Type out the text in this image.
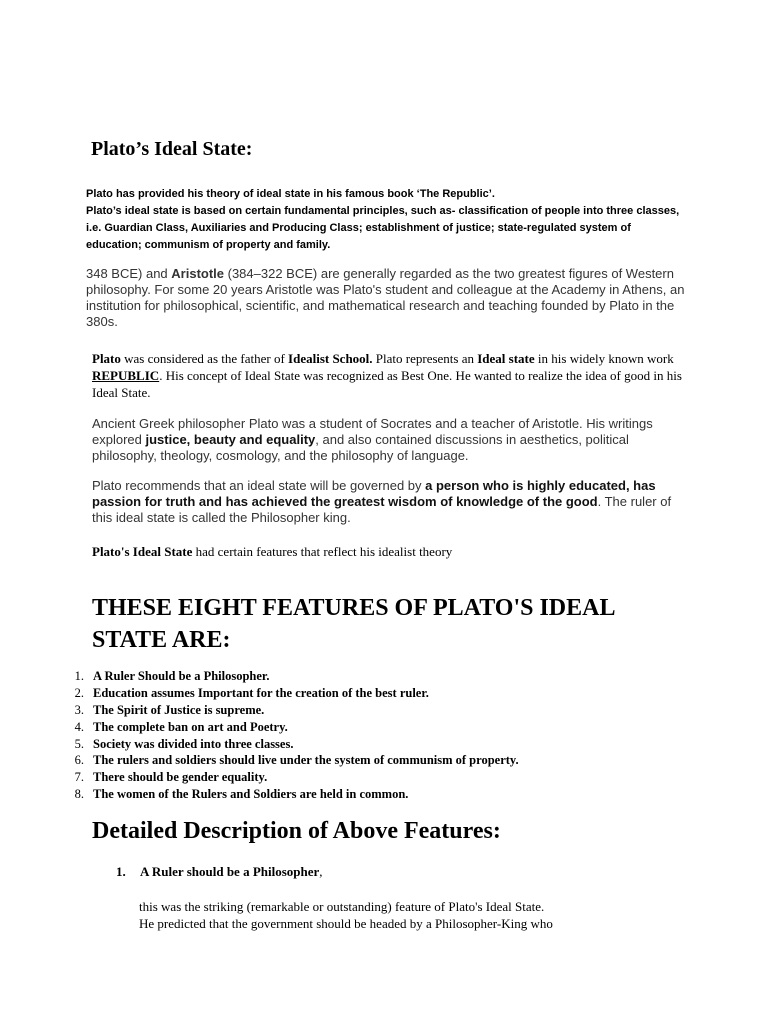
Plato’s Ideal State:

Plato has provided his theory of ideal state in his famous book ‘The Republic’.

Plato’s ideal state is based on certain fundamental principles, such as- classification of people into three classes, i.e. Guardian Class, Auxiliaries and Producing Class; establishment of justice; state-regulated system of education; communism of property and family.

348 BCE) and Aristotle (384–322 BCE) are generally regarded as the two greatest figures of Western philosophy. For some 20 years Aristotle was Plato's student and colleague at the Academy in Athens, an institution for philosophical, scientific, and mathematical research and teaching founded by Plato in the 380s.
Plato was considered as the father of Idealist School. Plato represents an Ideal state in his widely known work REPUBLIC. His concept of Ideal State was recognized as Best One. He wanted to realize the idea of good in his Ideal State.
Ancient Greek philosopher Plato was a student of Socrates and a teacher of Aristotle. His writings explored justice, beauty and equality, and also contained discussions in aesthetics, political philosophy, theology, cosmology, and the philosophy of language.
Plato recommends that an ideal state will be governed by a person who is highly educated, has passion for truth and has achieved the greatest wisdom of knowledge of the good. The ruler of this ideal state is called the Philosopher king.
Plato's Ideal State had certain features that reflect his idealist theory
THESE EIGHT FEATURES OF PLATO'S IDEAL STATE ARE:
1. A Ruler Should be a Philosopher.
2. Education assumes Important for the creation of the best ruler.
3. The Spirit of Justice is supreme.
4. The complete ban on art and Poetry.
5. Society was divided into three classes.
6. The rulers and soldiers should live under the system of communism of property.
7. There should be gender equality.
8. The women of the Rulers and Soldiers are held in common.
Detailed Description of Above Features:
1. A Ruler should be a Philosopher,

this was the striking (remarkable or outstanding) feature of Plato's Ideal State.

He predicted that the government should be headed by a Philosopher-King who
